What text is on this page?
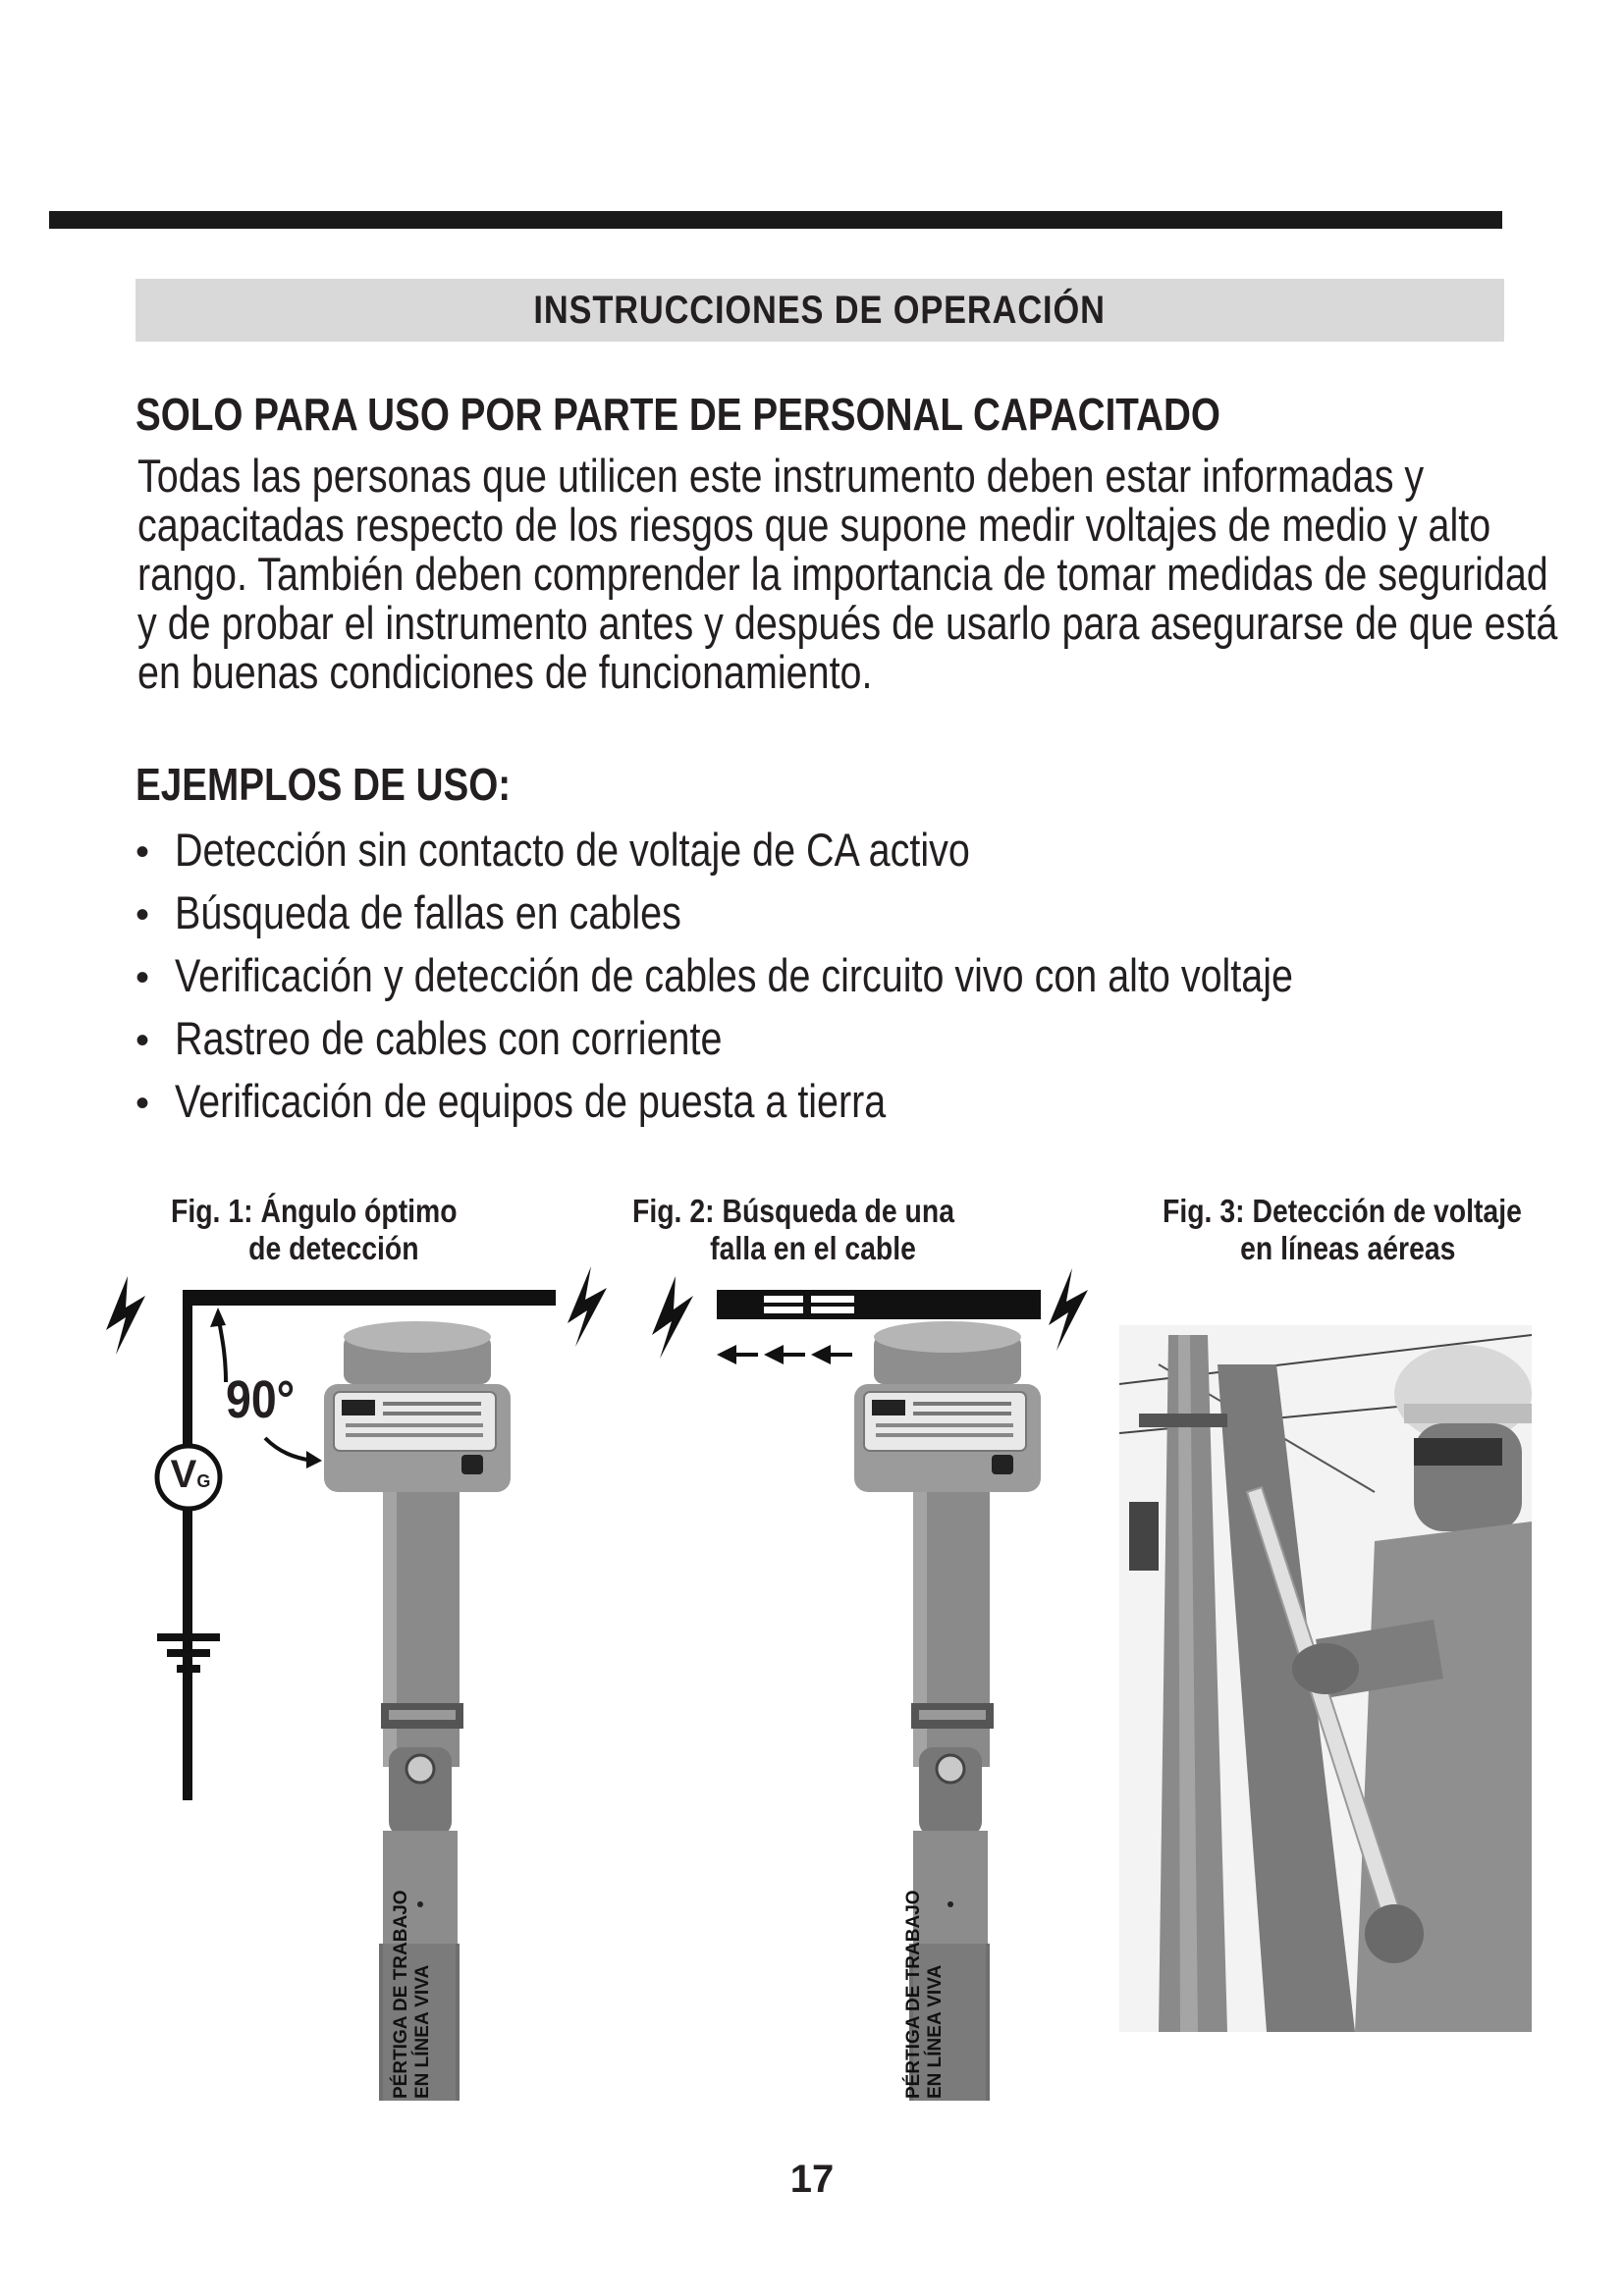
INSTRUCCIONES DE OPERACIÓN
SOLO PARA USO POR PARTE DE PERSONAL CAPACITADO
Todas las personas que utilicen este instrumento deben estar informadas y
capacitadas respecto de los riesgos que supone medir voltajes de medio y alto
rango. También deben comprender la importancia de tomar medidas de seguridad
y de probar el instrumento antes y después de usarlo para asegurarse de que está
en buenas condiciones de funcionamiento.
EJEMPLOS DE USO:
• Detección sin contacto de voltaje de CA activo
• Búsqueda de fallas en cables
• Verificación y detección de cables de circuito vivo con alto voltaje
• Rastreo de cables con corriente
• Verificación de equipos de puesta a tierra
Fig. 1: Ángulo óptimo
de detección
Fig. 2: Búsqueda de una
falla en el cable
Fig. 3: Detección de voltaje
en líneas aéreas
90°
VG
PÉRTIGA DE TRABAJO EN LÍNEA VIVA	PÉRTIGA DE TRABAJO EN LÍNEA VIVA
17
